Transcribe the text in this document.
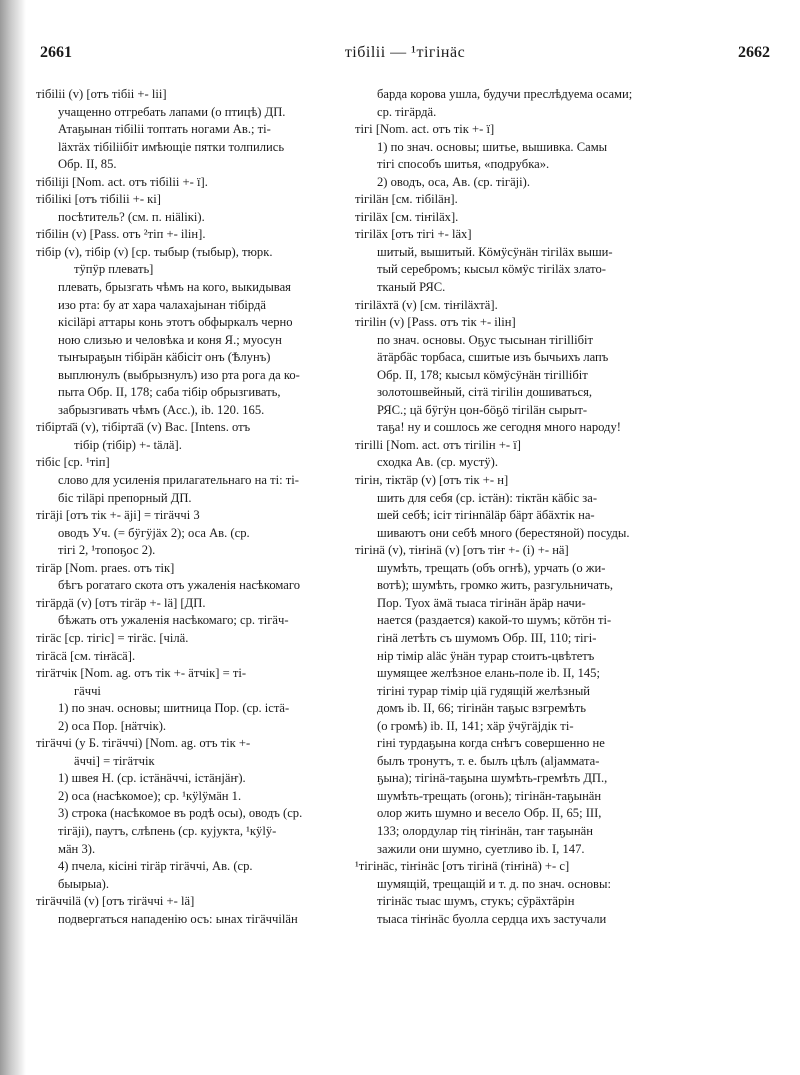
2661	тібіlіі — ¹тігінäс	2662
тібіlіі (v) [отъ тібіі +- lіі]
учащенно отгребать лапами (о птицѣ) ДП.
Атаҕынан тібіlіі топтать ногами Ав.; ті-
läхтäх тібіlіібіт имѣющіе пятки толпились
Обр. II, 85.
тібіlіjі [Nom. act. отъ тібіlіі +- ї].
тібіlікі [отъ тібіlіі +- кі]
посѣтитель? (см. п. ніälікі).
тібіlін (v) [Pass. отъ ²тіп +- іlін].
тібір (v), тібір (v) [ср. тыбыр (тыбыр), тюрк.
тÿпÿр плевать]
плевать, брызгать чѣмъ на кого, выкидывая
изо рта: бу ат хара чалахаjынан тібірдä
кісіläрі аттары конь этотъ обфыркалъ черно
ною слизью и человѣка и коня Я.; муосун
тыҥыраҕын тібірäн кäбiсіт онъ (Ѣлунъ)
выплюнулъ (выбрызнулъ) изо рта рога да ко-
пыта Обр. II, 178; саба тібір обрызгивать,
забрызгивать чѣмъ (Acc.), ib. 120. 165.
тібірта̄ä (v), тібірта̄ä (v) Вас. [Intens. отъ
тібір (тібір) +- täлä].
тібіс [ср. ¹тіп]
слово для усиленія прилагательнаго на ті: ті-
біс тіläрі препорный ДП.
тігäjі [отъ тік +- äjі] = тігäччі 3
оводъ Уч. (= бÿгÿjäх 2); оса Ав. (ср.
тігі 2, ¹топоҕос 2).
тігäр [Nom. praes. отъ тік]
бѣгъ рогатаго скота отъ ужаленія насѣкомаго
тігäрдä (v) [отъ тігäр +- lä] [ДП.
бѣжать отъ ужаленія насѣкомаго; ср. тігäч-
тігäс [ср. тігіс] = тігäс. [чiлä.
тігäсä [см. тіҥäсä].
тігäтчік [Nom. ag. отъ тік +- äтчік] = ті-
гäччі
1) по знач. основы; шитница Пор. (ср. істä-
2) оса Пор. [нäтчік).
тігäччі (у Б. тігäччі) [Nom. ag. отъ тік +-
äччі] = тігäтчік
1) швея Н. (ср. істäнäччі, істäнjäҥ).
2) оса (насѣкомое); ср. ¹кÿlÿмäн 1.
3) строка (насѣкомое въ родѣ осы), оводъ (ср.
тігäjі), паутъ, слѣпень (ср. кујукта, ¹кÿlÿ-
мäн 3).
4) пчела, кісіні тігäр тігäччі, Ав. (ср.
быырыа).
тігäччіlä (v) [отъ тігäччі +- lä]
подвергаться нападенію осъ: ынах тігäччіläн
барда корова ушла, будучи преслѣдуема осами;
ср. тігäрдä.
тігі [Nom. act. отъ тік +- ї]
1) по знач. основы; шитье, вышивка. Самы
тігі способъ шитья, «подрубка».
2) оводъ, оса, Ав. (ср. тігäjі).
тігіläн [см. тібіläн].
тігіläх [см. тіҥіläх].
тігіläх [отъ тігі +- läх]
шитый, вышитый. Кöмÿсÿнäн тігіläх выши-
тый серебромъ; кысыл кöмÿс тігіläх злато-
тканый РЯС.
тігіläхтä (v) [см. тіҥіläхтä].
тігіlін (v) [Pass. отъ тік +- іlін]
по знач. основы. Оҕус тысынан тігіllібіт
äтäрбäс торбаса, сшитые изъ бычьихъ лапъ
Обр. II, 178; кысыл кöмÿсÿнäн тігіllібіт
золотошвейный, сітä тігіlін дошиваться,
РЯС.; цä бÿгÿн цон-бöҕö тігіläн сырыт-
таҕа! ну и сошлось же сегодня много народу!
тігіllі [Nom. act. отъ тігіlін +- ї]
сходка Ав. (ср. мустÿ).
тігін, тіктäр (v) [отъ тік +- н]
шить для себя (ср. істäн): тіктäн кäбiс за-
шей себѣ; ісіт тігінnäläр бäрт äбäхтік на-
шиваютъ они себѣ много (берестяной) посуды.
тігінä (v), тіҥінä (v) [отъ тіҥ +- (і) +- нä]
шумѣть, трещать (объ огнѣ), урчать (о жи-
вотѣ); шумѣть, громко жить, разгульничать,
Пор. Туох äмä тыаса тігінäн äрäр начи-
нается (раздается) какой-то шумъ; кöтöн ті-
гінä летѣть съ шумомъ Обр. III, 110; тігі-
нір тімір аläс ÿнäн турар стоитъ-цвѣтетъ
шумящее желѣзное елань-поле ib. II, 145;
тігіні турар тімір ціä гудящій желѣзный
домъ ib. II, 66; тігінäн таҕыс взгремѣть
(о громѣ) ib. II, 141; хäр ÿчÿгäjдік ті-
гіні турдаҕына когда снѣгъ совершенно не
былъ тронутъ, т. е. былъ цѣлъ (аljаммата-
ҕына); тігінä-таҕына шумѣть-гремѣть ДП.,
шумѣть-трещать (огонь); тігінäн-таҕынäн
олор жить шумно и весело Обр. II, 65; III,
133; олордулар тің тіҥінäн, таҥ таҕынäн
зажили они шумно, суетливо ib. I, 147.
¹тігінäс, тіҥінäс [отъ тігінä (тіҥінä) +- с]
шумящій, трещащій и т. д. по знач. основы:
тігінäс тыас шумъ, стукъ; сÿрäхтäрін
тыаса тіҥінäс буолла сердца ихъ застучали
